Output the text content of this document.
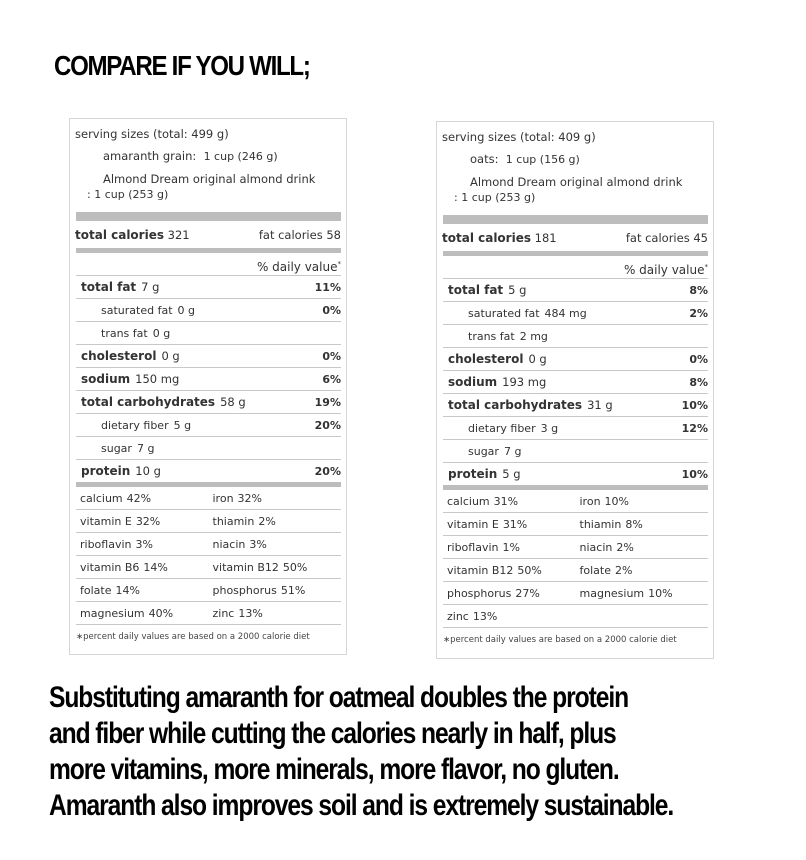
COMPARE IF YOU WILL;
serving sizes (total: 499 g)
amaranth grain: 1 cup (246 g)
Almond Dream original almond drink
: 1 cup (253 g)
total calories 321	fat calories 58
% daily value*
total fat 7 g	11%
saturated fat 0 g	0%
trans fat 0 g
cholesterol 0 g	0%
sodium 150 mg	6%
total carbohydrates 58 g	19%
dietary fiber 5 g	20%
sugar 7 g
protein 10 g	20%
calcium 42%	iron 32%
vitamin E 32%	thiamin 2%
riboflavin 3%	niacin 3%
vitamin B6 14%	vitamin B12 50%
folate 14%	phosphorus 51%
magnesium 40%	zinc 13%
∗percent daily values are based on a 2000 calorie diet
serving sizes (total: 409 g)
oats: 1 cup (156 g)
Almond Dream original almond drink
: 1 cup (253 g)
total calories 181	fat calories 45
% daily value*
total fat 5 g	8%
saturated fat 484 mg	2%
trans fat 2 mg
cholesterol 0 g	0%
sodium 193 mg	8%
total carbohydrates 31 g	10%
dietary fiber 3 g	12%
sugar 7 g
protein 5 g	10%
calcium 31%	iron 10%
vitamin E 31%	thiamin 8%
riboflavin 1%	niacin 2%
vitamin B12 50%	folate 2%
phosphorus 27%	magnesium 10%
zinc 13%
∗percent daily values are based on a 2000 calorie diet
Substituting amaranth for oatmeal doubles the protein
and fiber while cutting the calories nearly in half, plus
more vitamins, more minerals, more flavor, no gluten.
Amaranth also improves soil and is extremely sustainable.
